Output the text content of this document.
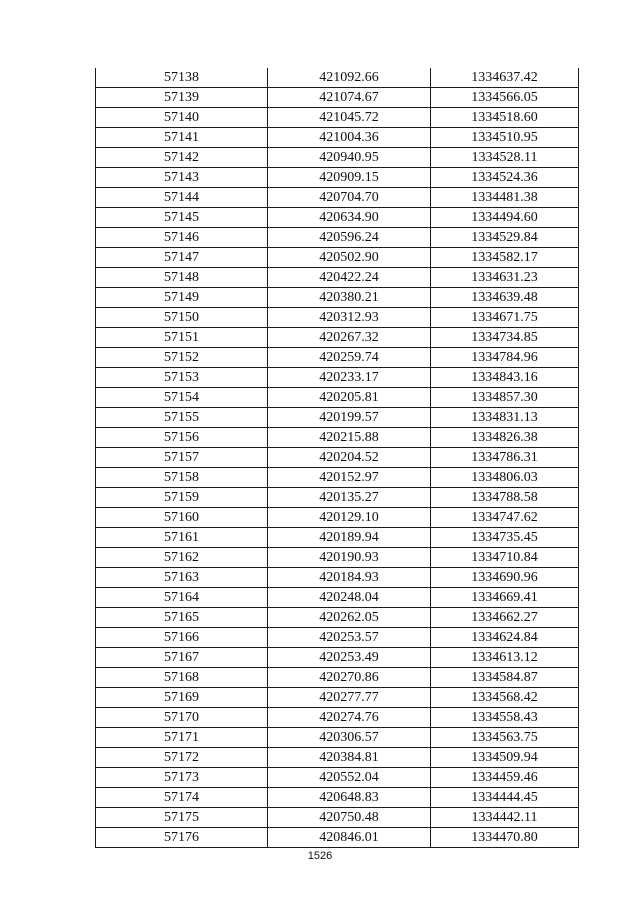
57138	421092.66	1334637.42
57139	421074.67	1334566.05
57140	421045.72	1334518.60
57141	421004.36	1334510.95
57142	420940.95	1334528.11
57143	420909.15	1334524.36
57144	420704.70	1334481.38
57145	420634.90	1334494.60
57146	420596.24	1334529.84
57147	420502.90	1334582.17
57148	420422.24	1334631.23
57149	420380.21	1334639.48
57150	420312.93	1334671.75
57151	420267.32	1334734.85
57152	420259.74	1334784.96
57153	420233.17	1334843.16
57154	420205.81	1334857.30
57155	420199.57	1334831.13
57156	420215.88	1334826.38
57157	420204.52	1334786.31
57158	420152.97	1334806.03
57159	420135.27	1334788.58
57160	420129.10	1334747.62
57161	420189.94	1334735.45
57162	420190.93	1334710.84
57163	420184.93	1334690.96
57164	420248.04	1334669.41
57165	420262.05	1334662.27
57166	420253.57	1334624.84
57167	420253.49	1334613.12
57168	420270.86	1334584.87
57169	420277.77	1334568.42
57170	420274.76	1334558.43
57171	420306.57	1334563.75
57172	420384.81	1334509.94
57173	420552.04	1334459.46
57174	420648.83	1334444.45
57175	420750.48	1334442.11
57176	420846.01	1334470.80
1526
